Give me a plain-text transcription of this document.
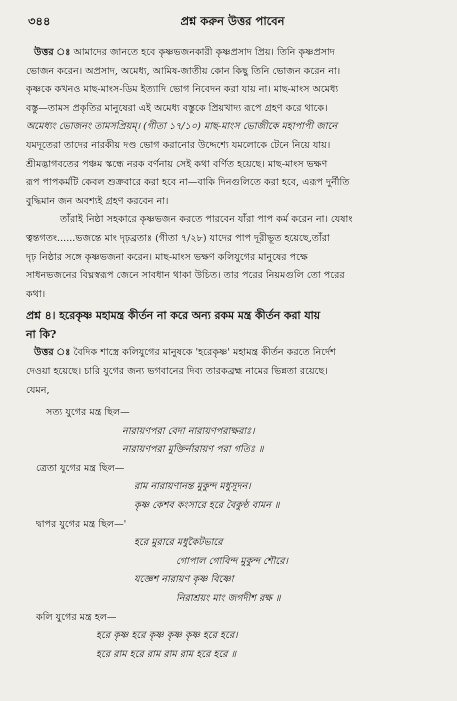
৩৪৪	প্রশ্ন করুন উত্তর পাবেন

উত্তর ঃ আমাদের জানতে হবে কৃষ্ণভজনকারী কৃষ্ণপ্রসাদ প্রিয়। তিনি কৃষ্ণপ্রসাদ
ভোজন করেন। অপ্রসাদ, অমেধ্য, আমিষ-জাতীয় কোন কিছু তিনি ভোজন করেন না।
কৃষ্ণকে কখনও মাছ-মাংস-ডিম ইত্যাদি ভোগ নিবেদন করা যায় না। মাছ-মাংস অমেধ্য
বস্তু—তামস প্রকৃতির মানুষেরা এই অমেধ্য বস্তুকে প্রিয়খাদ্য রূপে গ্রহণ করে থাকে।
অমেধ্যং ভোজনং তামসপ্রিয়ম্। (গীতা ১৭/১০) মাছ-মাংস ভোজীকে মহাপাপী জানে
যমদূতেরা তাদের নারকীয় দণ্ড ভোগ করানোর উদ্দেশ্যে যমলোকে টেনে নিয়ে যায়।
শ্রীমদ্ভাগবতের পঞ্চম স্কন্ধে নরক বর্ণনায় সেই কথা বর্ণিত হয়েছে। মাছ-মাংস ভক্ষণ
রূপ পাপকর্মটি কেবল শুক্রবারে করা হবে না—বাকি দিনগুলিতে করা হবে, এরূপ দুর্নীতি
বুদ্ধিমান জন অবশ্যই গ্রহণ করবেন না।

তাঁরাই নিষ্ঠা সহকারে কৃষ্ণভজন করতে পারবেন যাঁরা পাপ কর্ম করেন না। যেষাং
ত্বন্তগতং......ভজন্তে মাং দৃঢ়ব্রতাঃ (গীতা ৭/২৮) যাদের পাপ দূরীভূত হয়েছে,তাঁরা
দৃঢ় নিষ্ঠার সঙ্গে কৃষ্ণভজনা করেন। মাছ-মাংস ভক্ষণ কলিযুগের মানুষের পক্ষে
সাধনভজনের বিঘ্নস্বরূপ জেনে সাবধান থাকা উচিত। তার পরের নিয়মগুলি তো পরের
কথা।

প্রশ্ন ৪। হরেকৃষ্ণ মহামন্ত্র কীর্তন না করে অন্য রকম মন্ত্র কীর্তন করা যায়
না কি?

উত্তর ঃ বৈদিক শাস্ত্রে কলিযুগের মানুষকে 'হরেকৃষ্ণ' মহামন্ত্র কীর্তন করতে নির্দেশ
দেওয়া হয়েছে। চারি যুগের জন্য ভগবানের দিব্য তারকব্রহ্ম নামের ভিন্নতা রয়েছে।
যেমন,

সত্য যুগের মন্ত্র ছিল—
নারায়ণপরা বেদা নারায়ণপরাক্ষরাঃ।
নারায়ণপরা মুক্তির্নারায়ণ পরা গতিঃ ॥
ত্রেতা যুগের মন্ত্র ছিল—
রাম নারায়ণানন্ত মুকুন্দ মধুসূদন।
কৃষ্ণ কেশব কংসারে হরে বৈকুণ্ঠ বামন ॥
দ্বাপর যুগের মন্ত্র ছিল—'
হরে মুরারে মধুকৈটভারে
গোপাল গোবিন্দ মুকুন্দ শৌরে।
যজ্ঞেশ নারায়ণ কৃষ্ণ বিষ্ণো
নিরাশ্রয়ং মাং জগদীশ রক্ষ ॥
কলি যুগের মন্ত্র হল—
হরে কৃষ্ণ হরে কৃষ্ণ কৃষ্ণ কৃষ্ণ হরে হরে।
হরে রাম হরে রাম রাম রাম হরে হরে ॥
